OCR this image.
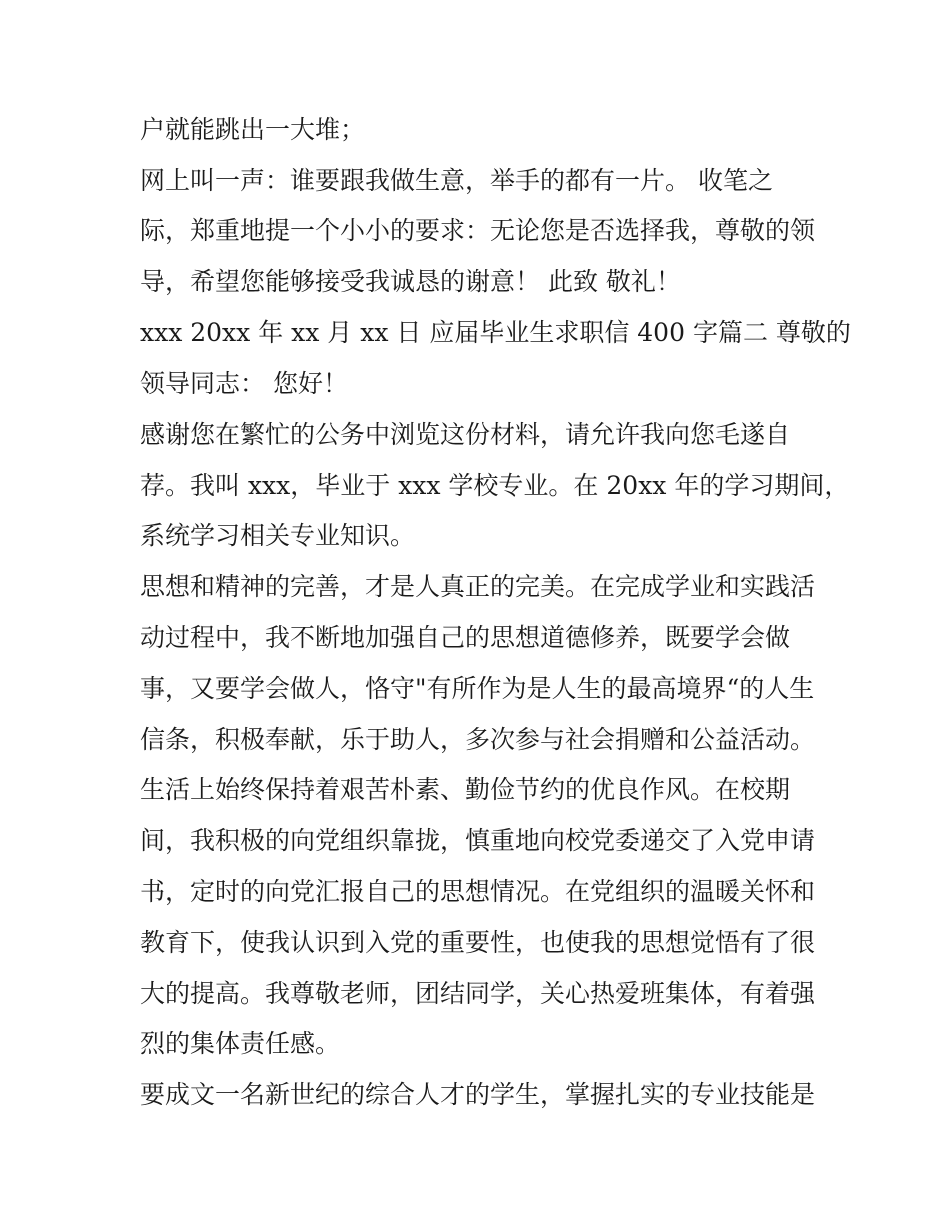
户就能跳出一大堆；
网上叫一声：谁要跟我做生意，举手的都有一片。 收笔之
际，郑重地提一个小小的要求：无论您是否选择我，尊敬的领
导，希望您能够接受我诚恳的谢意！ 此致 敬礼！
xxx 20xx 年 xx 月 xx 日 应届毕业生求职信 400 字篇二 尊敬的
领导同志： 您好！
感谢您在繁忙的公务中浏览这份材料，请允许我向您毛遂自
荐。我叫 xxx，毕业于 xxx 学校专业。在 20xx 年的学习期间，
系统学习相关专业知识。
思想和精神的完善，才是人真正的完美。在完成学业和实践活
动过程中，我不断地加强自己的思想道德修养，既要学会做
事，又要学会做人，恪守"有所作为是人生的最高境界“的人生
信条，积极奉献，乐于助人，多次参与社会捐赠和公益活动。
生活上始终保持着艰苦朴素、勤俭节约的优良作风。在校期
间，我积极的向党组织靠拢，慎重地向校党委递交了入党申请
书，定时的向党汇报自己的思想情况。在党组织的温暖关怀和
教育下，使我认识到入党的重要性，也使我的思想觉悟有了很
大的提高。我尊敬老师，团结同学，关心热爱班集体，有着强
烈的集体责任感。
要成文一名新世纪的综合人才的学生，掌握扎实的专业技能是
